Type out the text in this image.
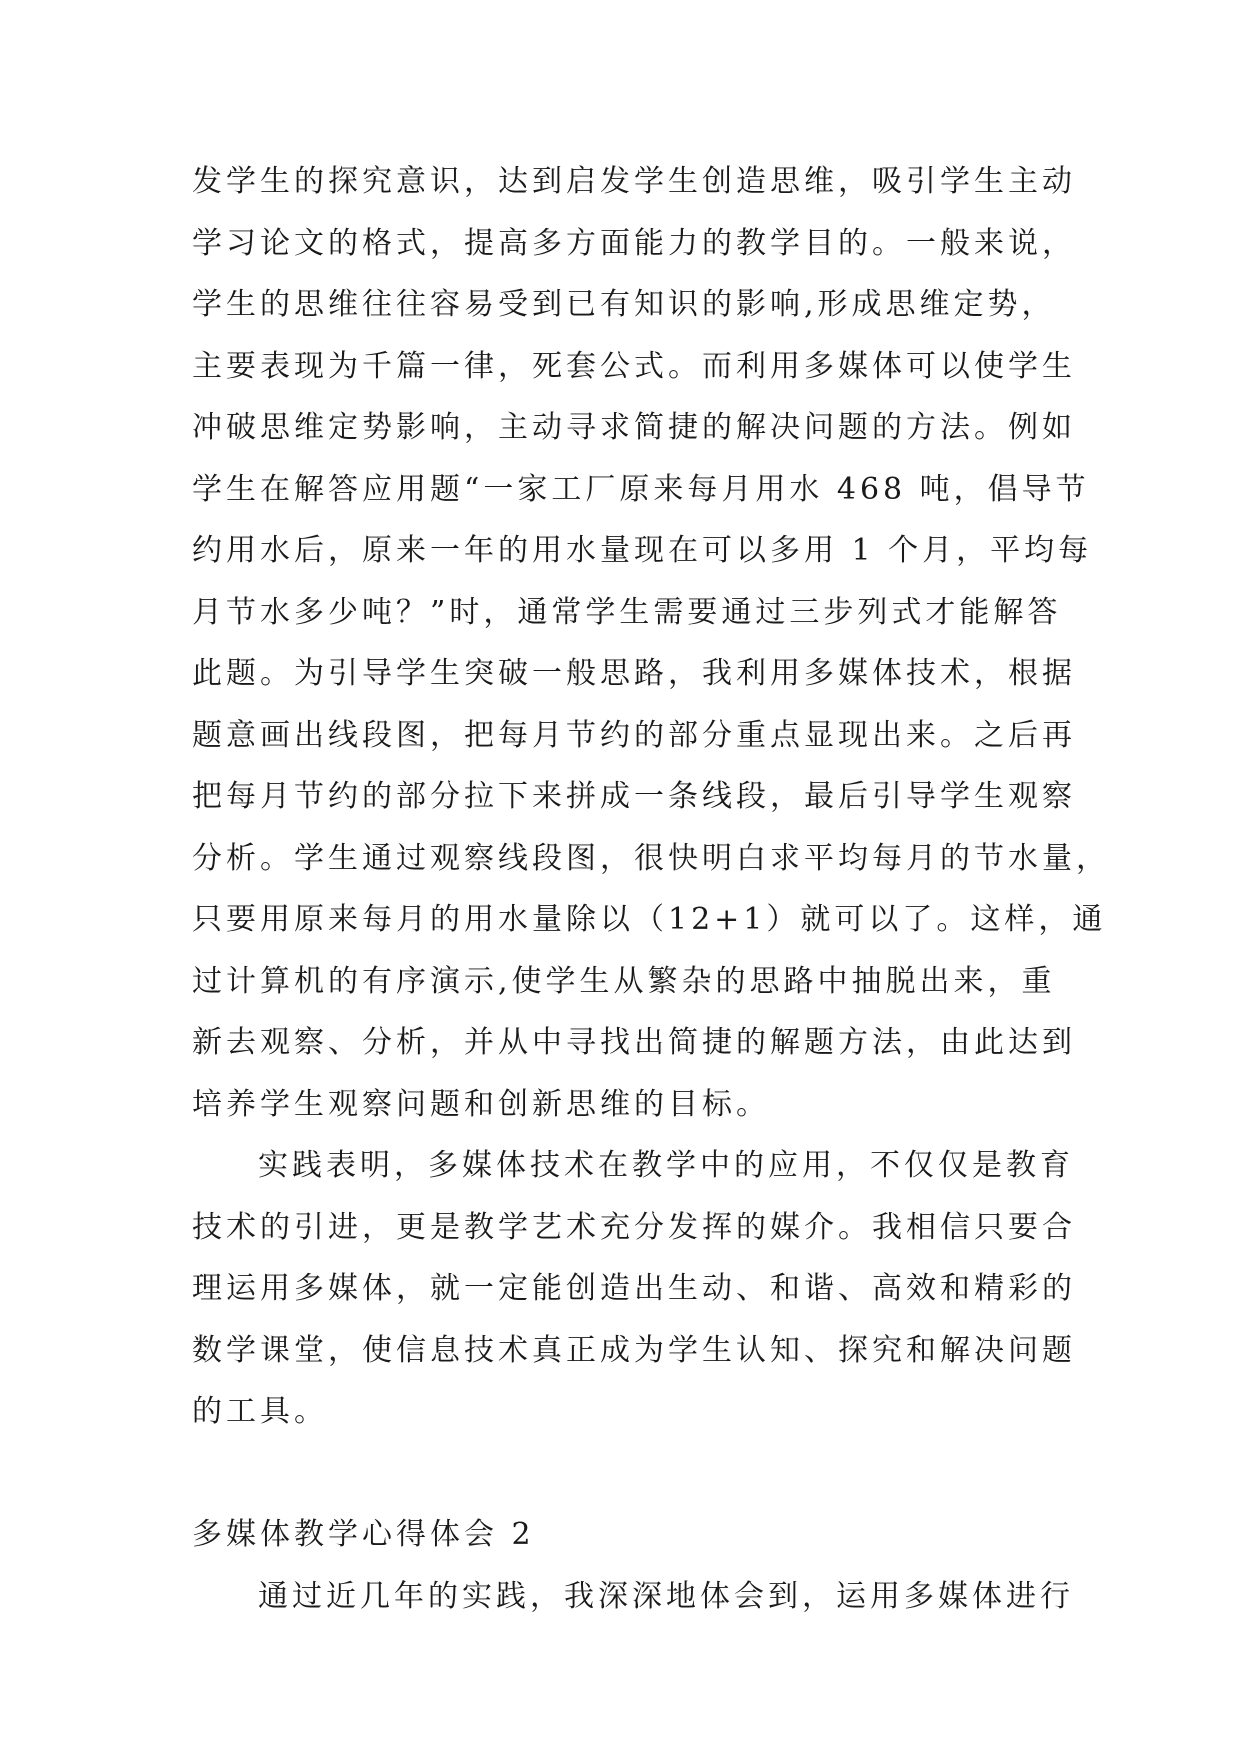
发学生的探究意识，达到启发学生创造思维，吸引学生主动
学习论文的格式，提高多方面能力的教学目的。一般来说，
学生的思维往往容易受到已有知识的影响,形成思维定势，
主要表现为千篇一律，死套公式。而利用多媒体可以使学生
冲破思维定势影响，主动寻求简捷的解决问题的方法。例如
学生在解答应用题“一家工厂原来每月用水 468 吨，倡导节
约用水后，原来一年的用水量现在可以多用 1 个月，平均每
月节水多少吨？”时，通常学生需要通过三步列式才能解答
此题。为引导学生突破一般思路，我利用多媒体技术，根据
题意画出线段图，把每月节约的部分重点显现出来。之后再
把每月节约的部分拉下来拼成一条线段，最后引导学生观察
分析。学生通过观察线段图，很快明白求平均每月的节水量，
只要用原来每月的用水量除以（12+1）就可以了。这样，通
过计算机的有序演示,使学生从繁杂的思路中抽脱出来，重
新去观察、分析，并从中寻找出简捷的解题方法，由此达到
培养学生观察问题和创新思维的目标。
实践表明，多媒体技术在教学中的应用，不仅仅是教育
技术的引进，更是教学艺术充分发挥的媒介。我相信只要合
理运用多媒体，就一定能创造出生动、和谐、高效和精彩的
数学课堂，使信息技术真正成为学生认知、探究和解决问题
的工具。
多媒体教学心得体会 2
通过近几年的实践，我深深地体会到，运用多媒体进行
